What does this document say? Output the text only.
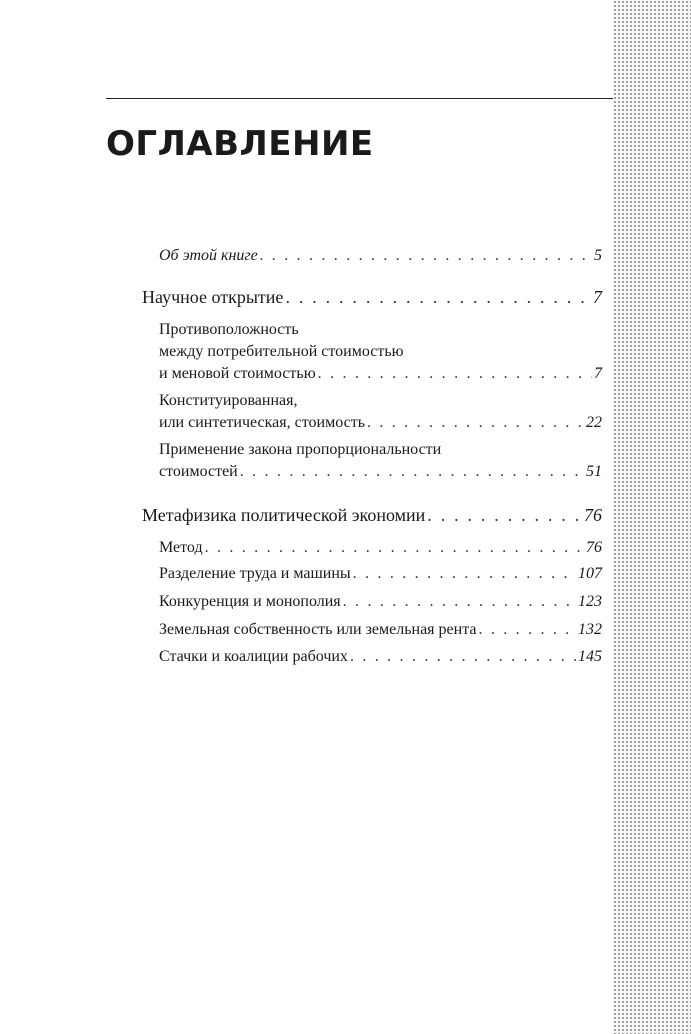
ОГЛАВЛЕНИЕ
Об этой книге . . .	5
Научное открытие . . .	7
Противоположность
между потребительной стоимостью
и меновой стоимостью . . .	7
Конституированная,
или синтетическая, стоимость . . .	22
Применение закона пропорциональности
стоимостей . . .	51
Метафизика политической экономии . . .	76
Метод . . .	76
Разделение труда и машины . . .	107
Конкуренция и монополия . . .	123
Земельная собственность или земельная рента . . .	132
Стачки и коалиции рабочих . . .	145
